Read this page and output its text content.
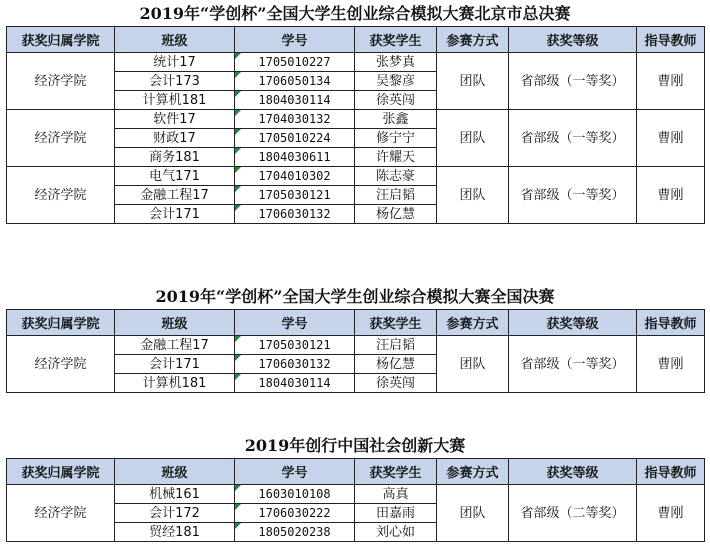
2019年“学创杯”全国大学生创业综合模拟大赛北京市总决赛
获奖归属学院	班级	学号	获奖学生	参赛方式	获奖等级	指导教师
经济学院	统计17	1705010227	张梦真	团队	省部级（一等奖）	曹刚
	会计173	1706050134	吴黎彦			
	计算机181	1804030114	徐英闯			
经济学院	软件17	1704030132	张鑫	团队	省部级（一等奖）	曹刚
	财政17	1705010224	修宁宁			
	商务181	1804030611	许耀天			
经济学院	电气171	1704010302	陈志豪	团队	省部级（一等奖）	曹刚
	金融工程17	1705030121	汪启韬			
	会计171	1706030132	杨亿慧			
2019年“学创杯”全国大学生创业综合模拟大赛全国决赛
获奖归属学院	班级	学号	获奖学生	参赛方式	获奖等级	指导教师
经济学院	金融工程17	1705030121	汪启韬	团队	省部级（一等奖）	曹刚
	会计171	1706030132	杨亿慧			
	计算机181	1804030114	徐英闯			
2019年创行中国社会创新大赛
获奖归属学院	班级	学号	获奖学生	参赛方式	获奖等级	指导教师
经济学院	机械161	1603010108	高真	团队	省部级（二等奖）	曹刚
	会计172	1706030222	田嘉雨			
	贸经181	1805020238	刘心如			
